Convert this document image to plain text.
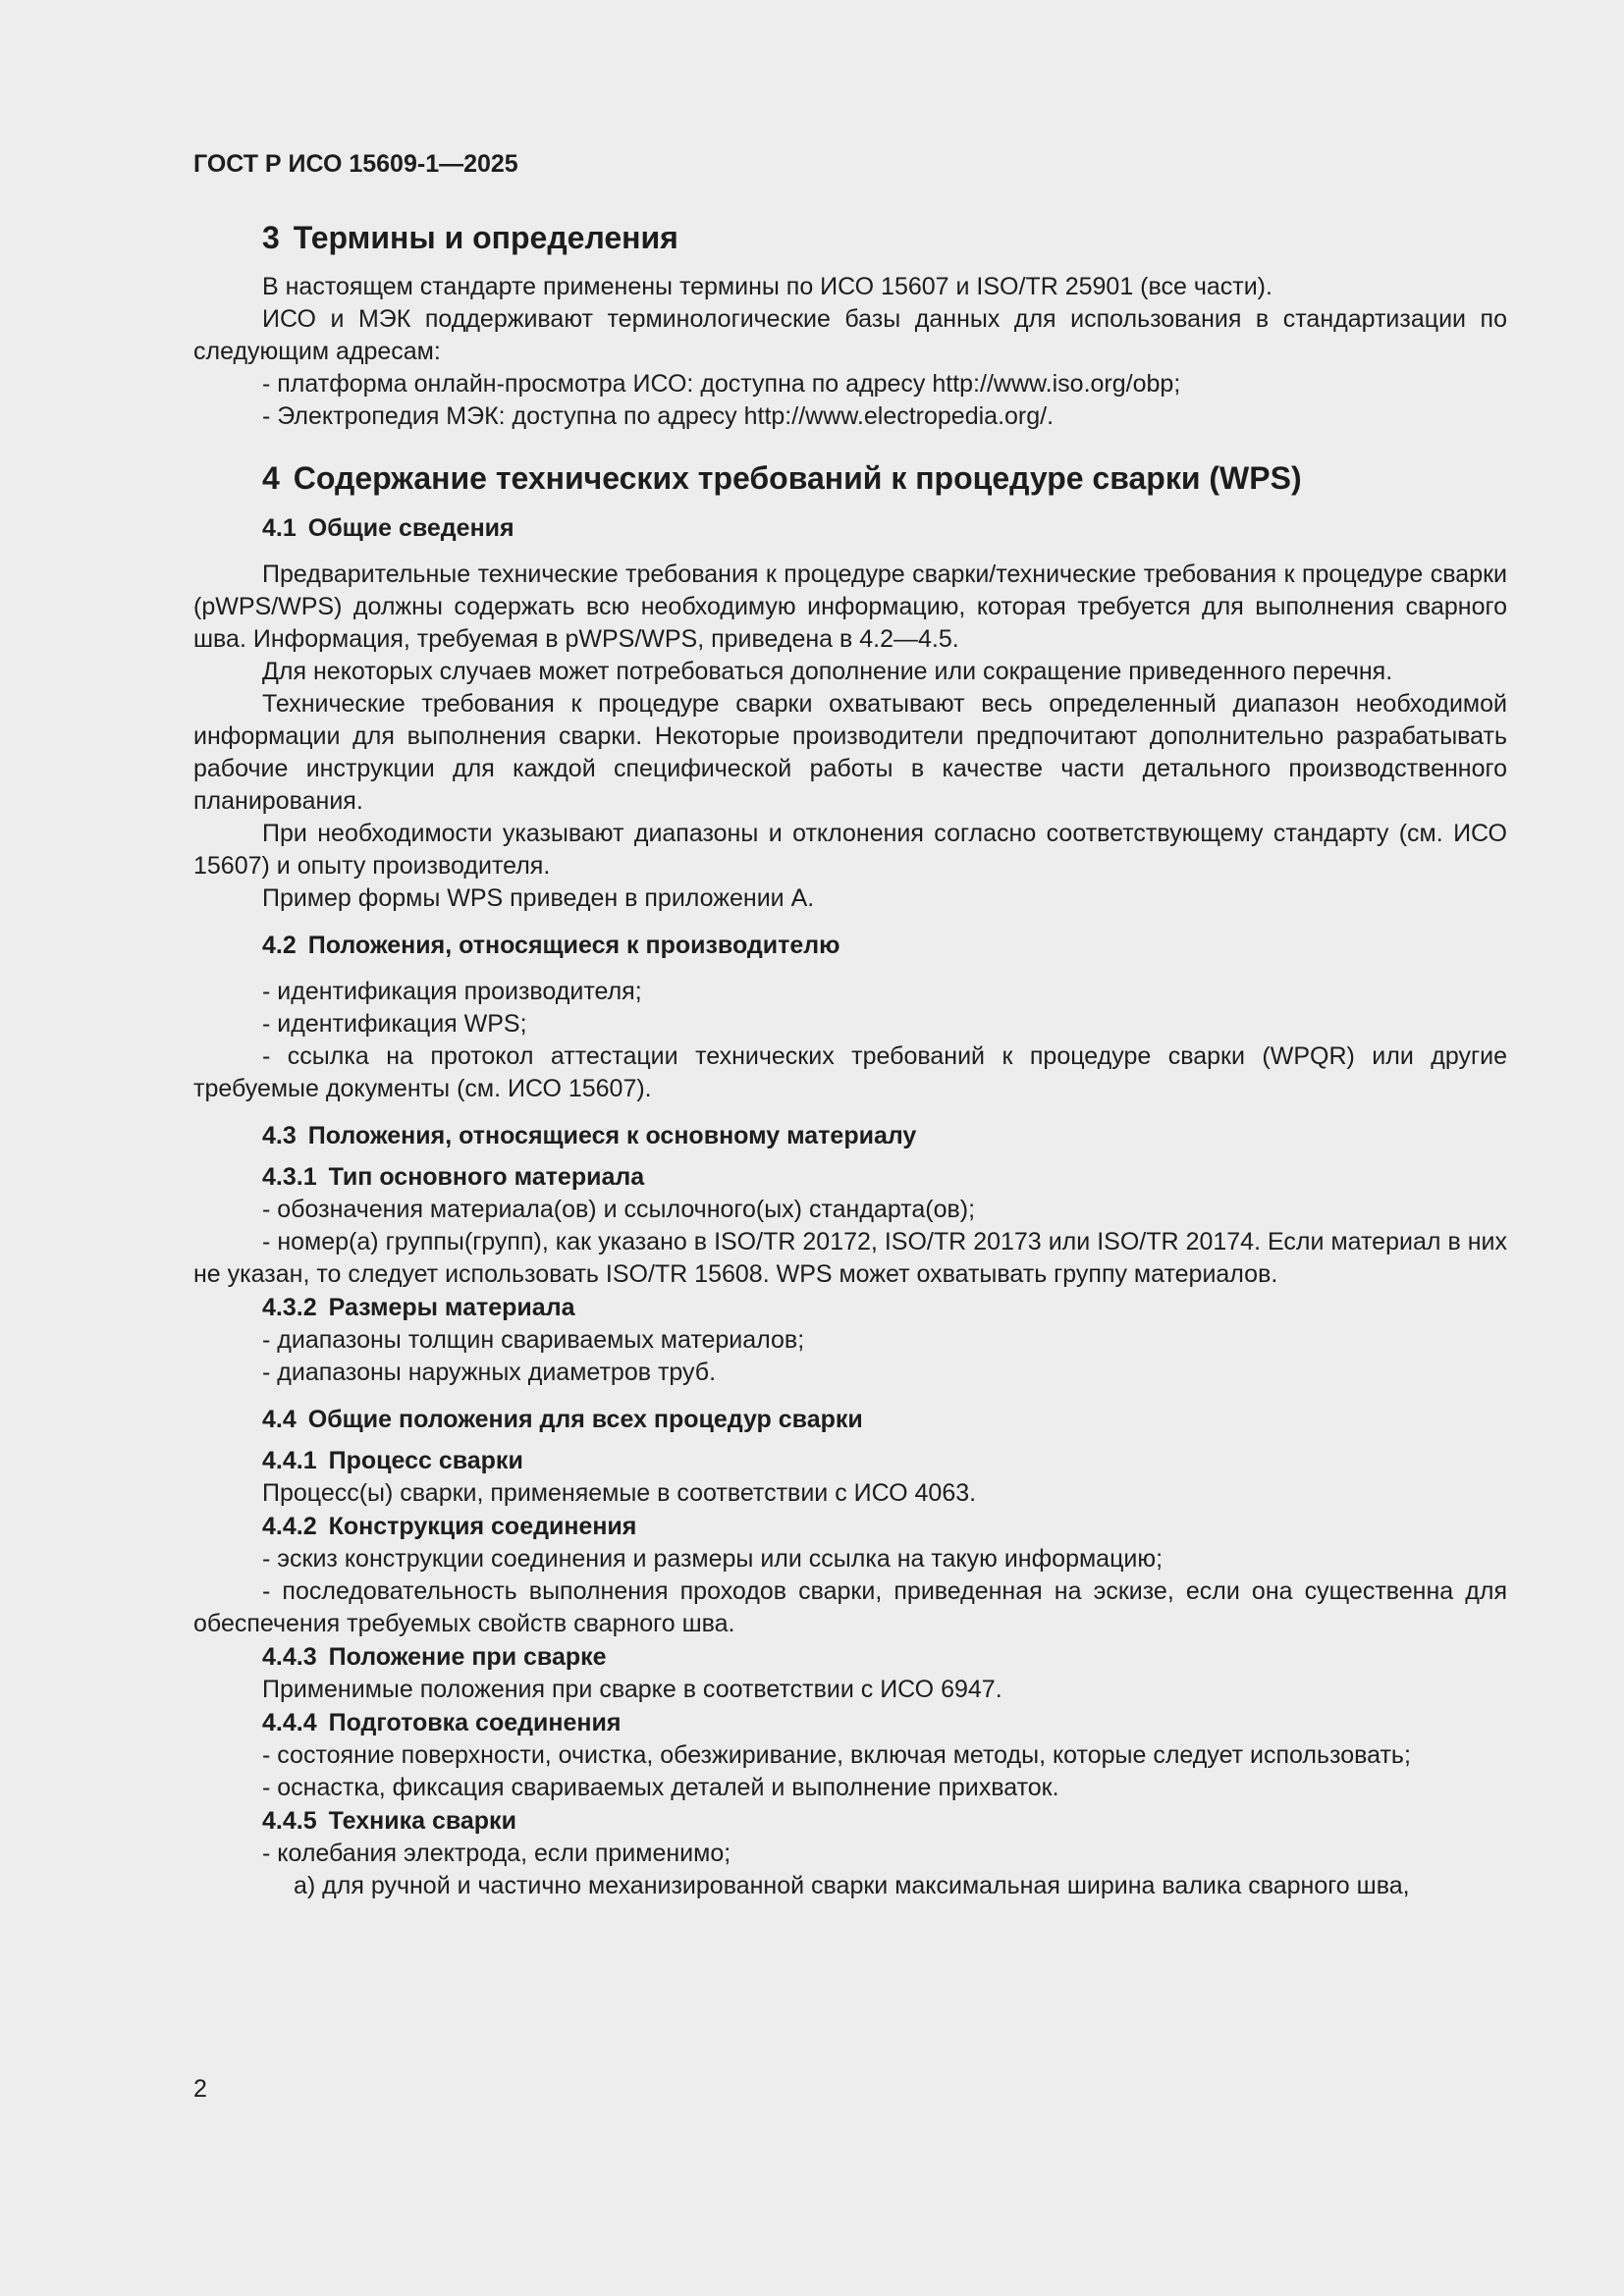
ГОСТ Р ИСО 15609-1—2025
3 Термины и определения

В настоящем стандарте применены термины по ИСО 15607 и ISO/TR 25901 (все части).

ИСО и МЭК поддерживают терминологические базы данных для использования в стандартизации по следующим адресам:

- платформа онлайн-просмотра ИСО: доступна по адресу http://www.iso.org/obp;

- Электропедия МЭК: доступна по адресу http://www.electropedia.org/.

4 Содержание технических требований к процедуре сварки (WPS)
4.1 Общие сведения

Предварительные технические требования к процедуре сварки/технические требования к процедуре сварки (pWPS/WPS) должны содержать всю необходимую информацию, которая требуется для выполнения сварного шва. Информация, требуемая в pWPS/WPS, приведена в 4.2—4.5.

Для некоторых случаев может потребоваться дополнение или сокращение приведенного перечня.

Технические требования к процедуре сварки охватывают весь определенный диапазон необходимой информации для выполнения сварки. Некоторые производители предпочитают дополнительно разрабатывать рабочие инструкции для каждой специфической работы в качестве части детального производственного планирования.

При необходимости указывают диапазоны и отклонения согласно соответствующему стандарту (см. ИСО 15607) и опыту производителя.

Пример формы WPS приведен в приложении А.

4.2 Положения, относящиеся к производителю

- идентификация производителя;

- идентификация WPS;

- ссылка на протокол аттестации технических требований к процедуре сварки (WPQR) или другие требуемые документы (см. ИСО 15607).

4.3 Положения, относящиеся к основному материалу
4.3.1 Тип основного материала

- обозначения материала(ов) и ссылочного(ых) стандарта(ов);

- номер(а) группы(групп), как указано в ISO/TR 20172, ISO/TR 20173 или ISO/TR 20174. Если материал в них не указан, то следует использовать ISO/TR 15608. WPS может охватывать группу материалов.

4.3.2 Размеры материала

- диапазоны толщин свариваемых материалов;

- диапазоны наружных диаметров труб.

4.4 Общие положения для всех процедур сварки
4.4.1 Процесс сварки

Процесс(ы) сварки, применяемые в соответствии с ИСО 4063.

4.4.2 Конструкция соединения

- эскиз конструкции соединения и размеры или ссылка на такую информацию;

- последовательность выполнения проходов сварки, приведенная на эскизе, если она существенна для обеспечения требуемых свойств сварного шва.

4.4.3 Положение при сварке

Применимые положения при сварке в соответствии с ИСО 6947.

4.4.4 Подготовка соединения

- состояние поверхности, очистка, обезжиривание, включая методы, которые следует использовать;

- оснастка, фиксация свариваемых деталей и выполнение прихваток.

4.4.5 Техника сварки

- колебания электрода, если применимо;

а) для ручной и частично механизированной сварки максимальная ширина валика сварного шва,

2
